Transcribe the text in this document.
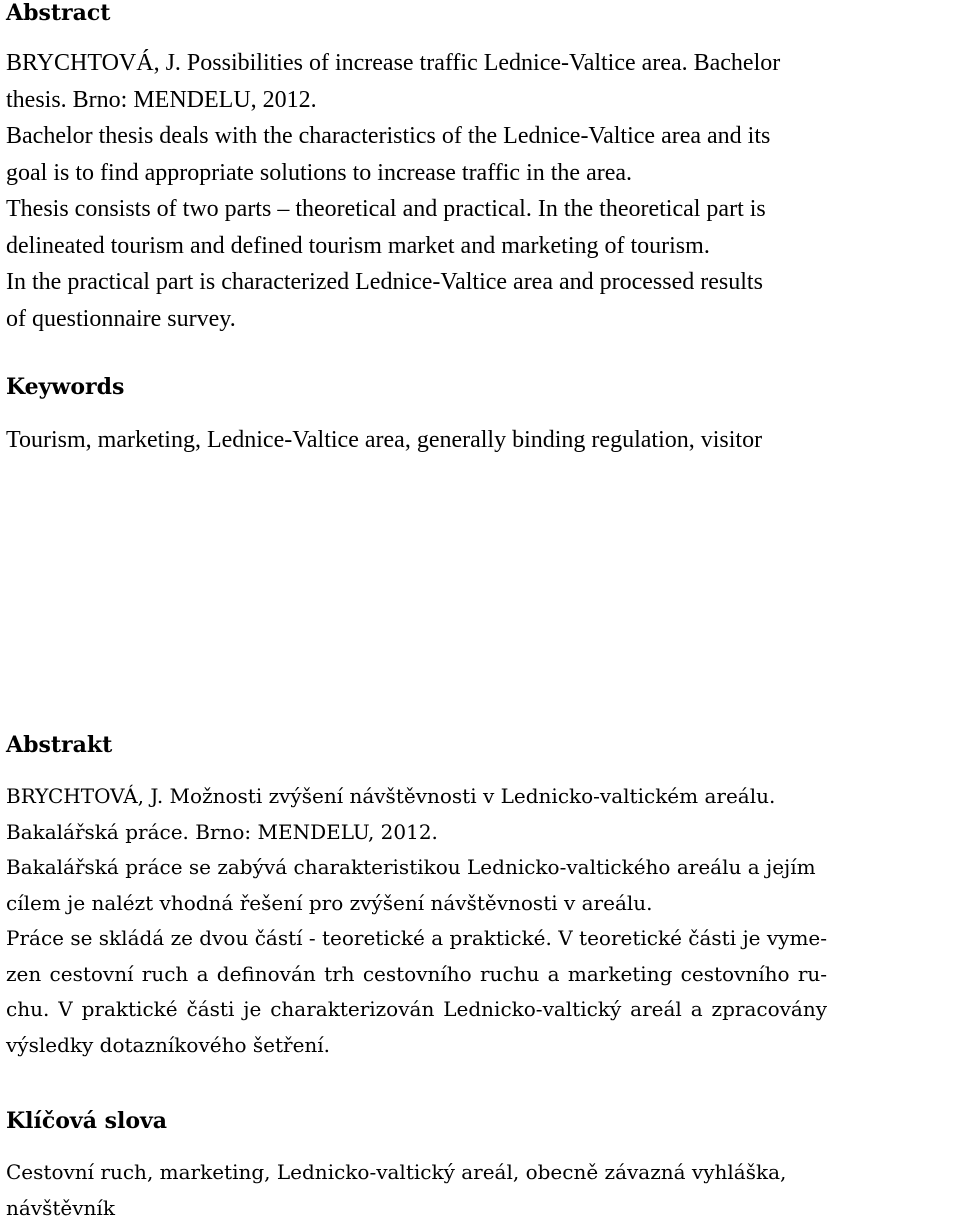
Abstract
BRYCHTOVÁ, J. Possibilities of increase traffic Lednice-Valtice area. Bachelor
thesis. Brno: MENDELU, 2012.
Bachelor thesis deals with the characteristics of the Lednice-Valtice area and its
goal is to find appropriate solutions to increase traffic in the area.
Thesis consists of two parts – theoretical and practical. In the theoretical part is
delineated tourism and defined tourism market and marketing of tourism.
In the practical part is characterized Lednice-Valtice area and processed results
of questionnaire survey.
Keywords
Tourism, marketing, Lednice-Valtice area, generally binding regulation, visitor
Abstrakt
BRYCHTOVÁ, J. Možnosti zvýšení návštěvnosti v Lednicko-valtickém areálu.
Bakalářská práce. Brno: MENDELU, 2012.
Bakalářská práce se zabývá charakteristikou Lednicko-valtického areálu a jejím
cílem je nalézt vhodná řešení pro zvýšení návštěvnosti v areálu.
Práce se skládá ze dvou částí - teoretické a praktické. V teoretické části je vyme-
zen cestovní ruch a definován trh cestovního ruchu a marketing cestovního ru-
chu. V praktické části je charakterizován Lednicko-valtický areál a zpracovány
výsledky dotazníkového šetření.
Klíčová slova
Cestovní ruch, marketing, Lednicko-valtický areál, obecně závazná vyhláška,
návštěvník
